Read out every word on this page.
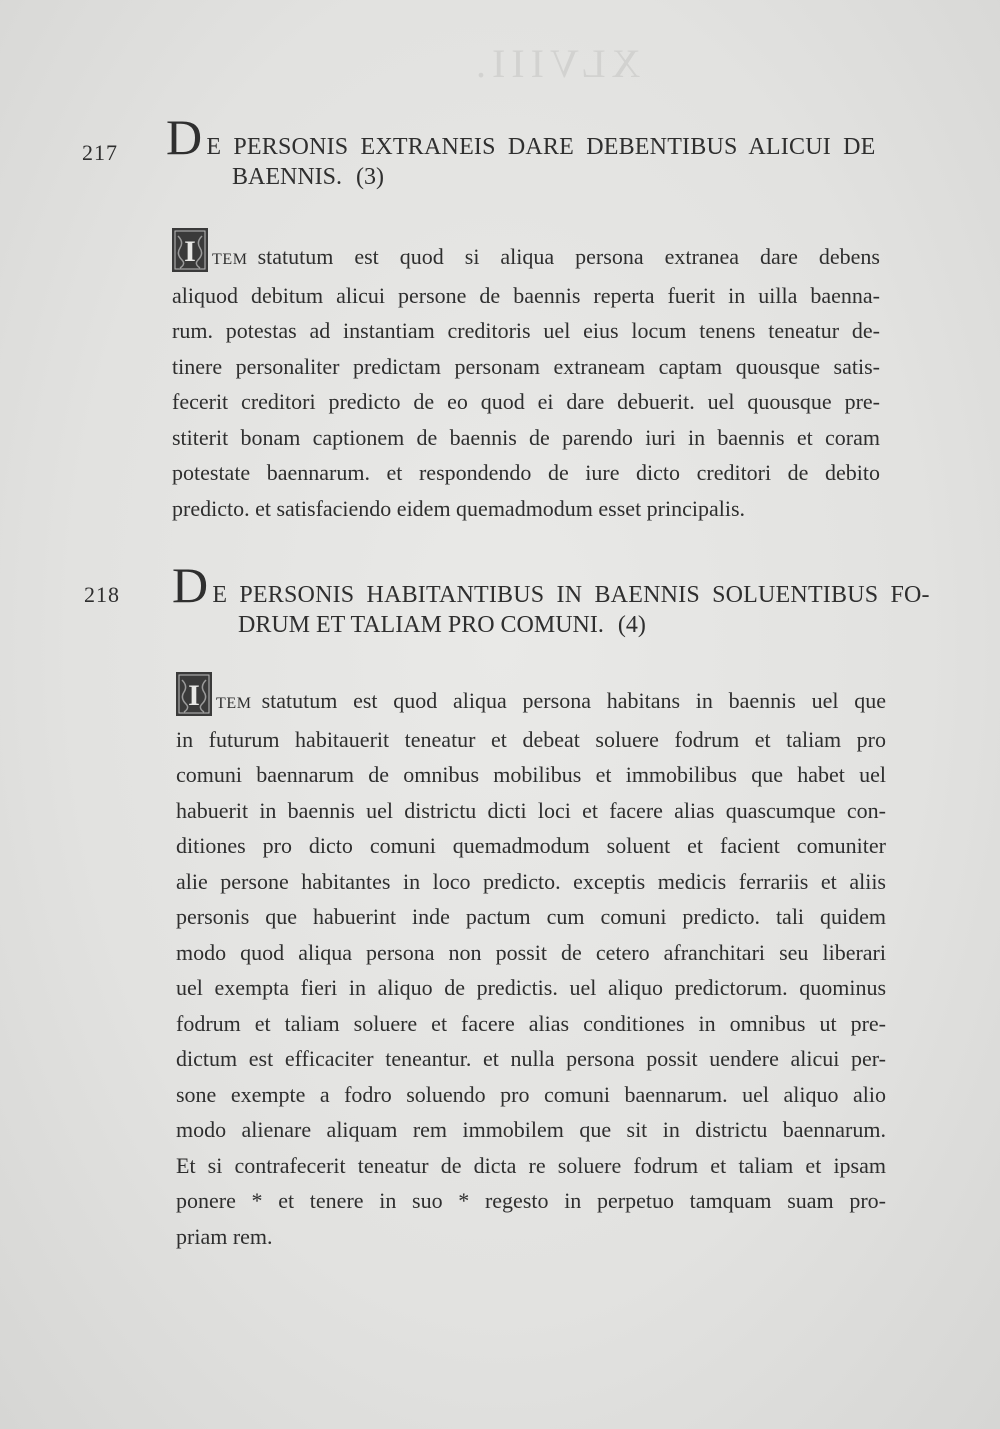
XLVIII.
217 D E PERSONIS EXTRANEIS DARE DEBENTIBUS ALICUI DE
BAENNIS. (3)
I TEM statutum est quod si aliqua persona extranea dare debens
aliquod debitum alicui persone de baennis reperta fuerit in uilla baenna-
rum. potestas ad instantiam creditoris uel eius locum tenens teneatur de-
tinere personaliter predictam personam extraneam captam quousque satis-
fecerit creditori predicto de eo quod ei dare debuerit. uel quousque pre-
stiterit bonam captionem de baennis de parendo iuri in baennis et coram
potestate baennarum. et respondendo de iure dicto creditori de debito
predicto. et satisfaciendo eidem quemadmodum esset principalis.
218 D E PERSONIS HABITANTIBUS IN BAENNIS SOLUENTIBUS FO-
DRUM ET TALIAM PRO COMUNI. (4)
I TEM statutum est quod aliqua persona habitans in baennis uel que
in futurum habitauerit teneatur et debeat soluere fodrum et taliam pro
comuni baennarum de omnibus mobilibus et immobilibus que habet uel
habuerit in baennis uel districtu dicti loci et facere alias quascumque con-
ditiones pro dicto comuni quemadmodum soluent et facient comuniter
alie persone habitantes in loco predicto. exceptis medicis ferrariis et aliis
personis que habuerint inde pactum cum comuni predicto. tali quidem
modo quod aliqua persona non possit de cetero afranchitari seu liberari
uel exempta fieri in aliquo de predictis. uel aliquo predictorum. quominus
fodrum et taliam soluere et facere alias conditiones in omnibus ut pre-
dictum est efficaciter teneantur. et nulla persona possit uendere alicui per-
sone exempte a fodro soluendo pro comuni baennarum. uel aliquo alio
modo alienare aliquam rem immobilem que sit in districtu baennarum.
Et si contrafecerit teneatur de dicta re soluere fodrum et taliam et ipsam
ponere * et tenere in suo * regesto in perpetuo tamquam suam pro-
priam rem.
